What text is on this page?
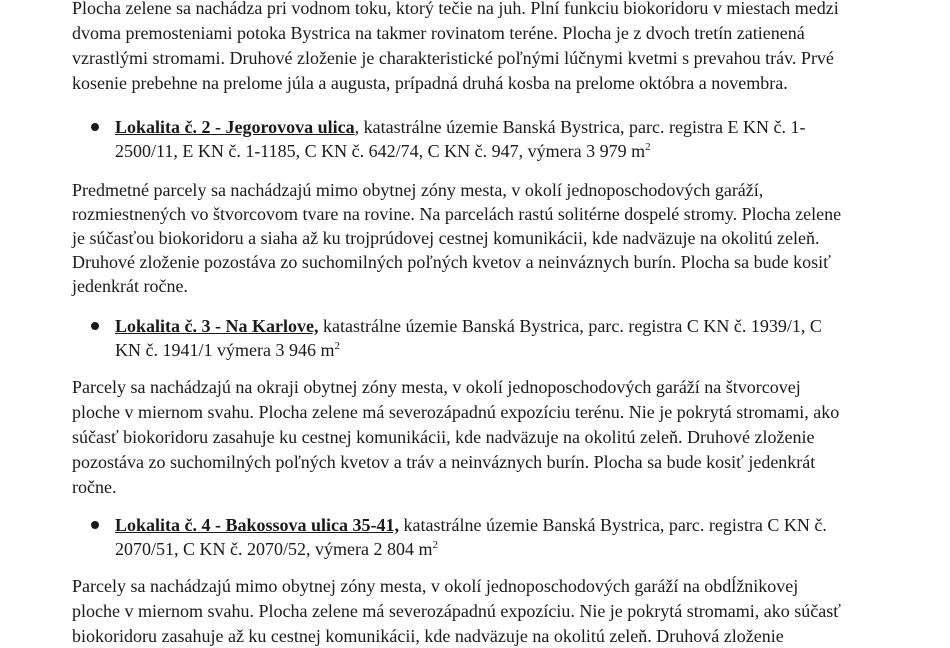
Plocha zelene sa nachádza pri vodnom toku, ktorý tečie na juh. Plní funkciu biokoridoru v miestach medzi
dvoma premosteniami potoka Bystrica na takmer rovinatom teréne. Plocha je z dvoch tretín zatienená
vzrastlými stromami. Druhové zloženie je charakteristické poľnými lúčnymi kvetmi s prevahou tráv. Prvé
kosenie prebehne na prelome júla a augusta, prípadná druhá kosba na prelome októbra a novembra.
Lokalita č. 2 - Jegorovova ulica, katastrálne územie Banská Bystrica, parc. registra E KN č. 1-
2500/11, E KN č. 1-1185, C KN č. 642/74, C KN č. 947, výmera 3 979 $m^2$
Predmetné parcely sa nachádzajú mimo obytnej zóny mesta, v okolí jednoposchodových garáží,
rozmiestnených vo štvorcovom tvare na rovine. Na parcelách rastú solitérne dospelé stromy. Plocha zelene
je súčasťou biokoridoru a siaha až ku trojprúdovej cestnej komunikácii, kde nadväzuje na okolitú zeleň.
Druhové zloženie pozostáva zo suchomilných poľných kvetov a neinváznych burín. Plocha sa bude kosiť
jedenkrát ročne.
Lokalita č. 3 - Na Karlove, katastrálne územie Banská Bystrica, parc. registra C KN č. 1939/1, C
KN č. 1941/1 výmera 3 946 $m^2$
Parcely sa nachádzajú na okraji obytnej zóny mesta, v okolí jednoposchodových garáží na štvorcovej
ploche v miernom svahu. Plocha zelene má severozápadnú expozíciu terénu. Nie je pokrytá stromami, ako
súčasť biokoridoru zasahuje ku cestnej komunikácii, kde nadväzuje na okolitú zeleň. Druhové zloženie
pozostáva zo suchomilných poľných kvetov a tráv a neinváznych burín. Plocha sa bude kosiť jedenkrát
ročne.
Lokalita č. 4 - Bakossova ulica 35-41, katastrálne územie Banská Bystrica, parc. registra C KN č.
2070/51, C KN č. 2070/52, výmera 2 804 $m^2$
Parcely sa nachádzajú mimo obytnej zóny mesta, v okolí jednoposchodových garáží na obdĺžnikovej
ploche v miernom svahu. Plocha zelene má severozápadnú expozíciu. Nie je pokrytá stromami, ako súčasť
biokoridoru zasahuje až ku cestnej komunikácii, kde nadväzuje na okolitú zeleň. Druhová zloženie
